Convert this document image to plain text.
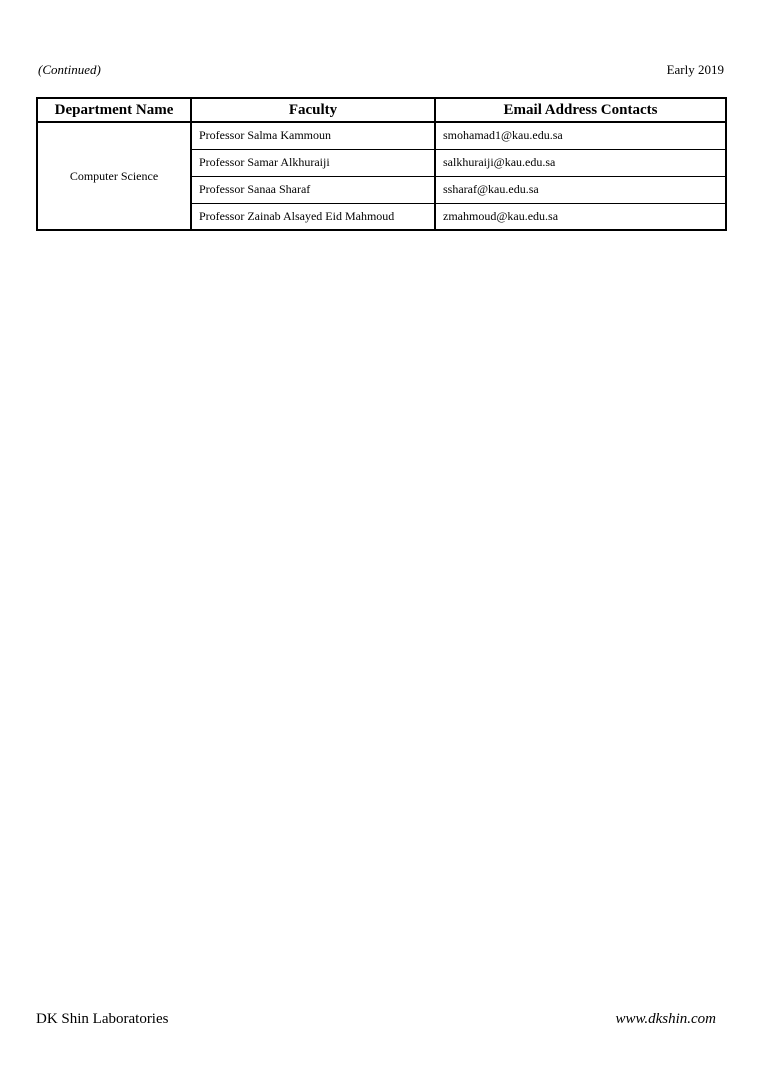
(Continued)	Early 2019
Department Name	Faculty	Email Address Contacts
Computer Science	Professor Salma Kammoun	smohamad1@kau.edu.sa
	Professor Samar Alkhuraiji	salkhuraiji@kau.edu.sa
	Professor Sanaa Sharaf	ssharaf@kau.edu.sa
	Professor Zainab Alsayed Eid Mahmoud	zmahmoud@kau.edu.sa
DK Shin Laboratories	www.dkshin.com
